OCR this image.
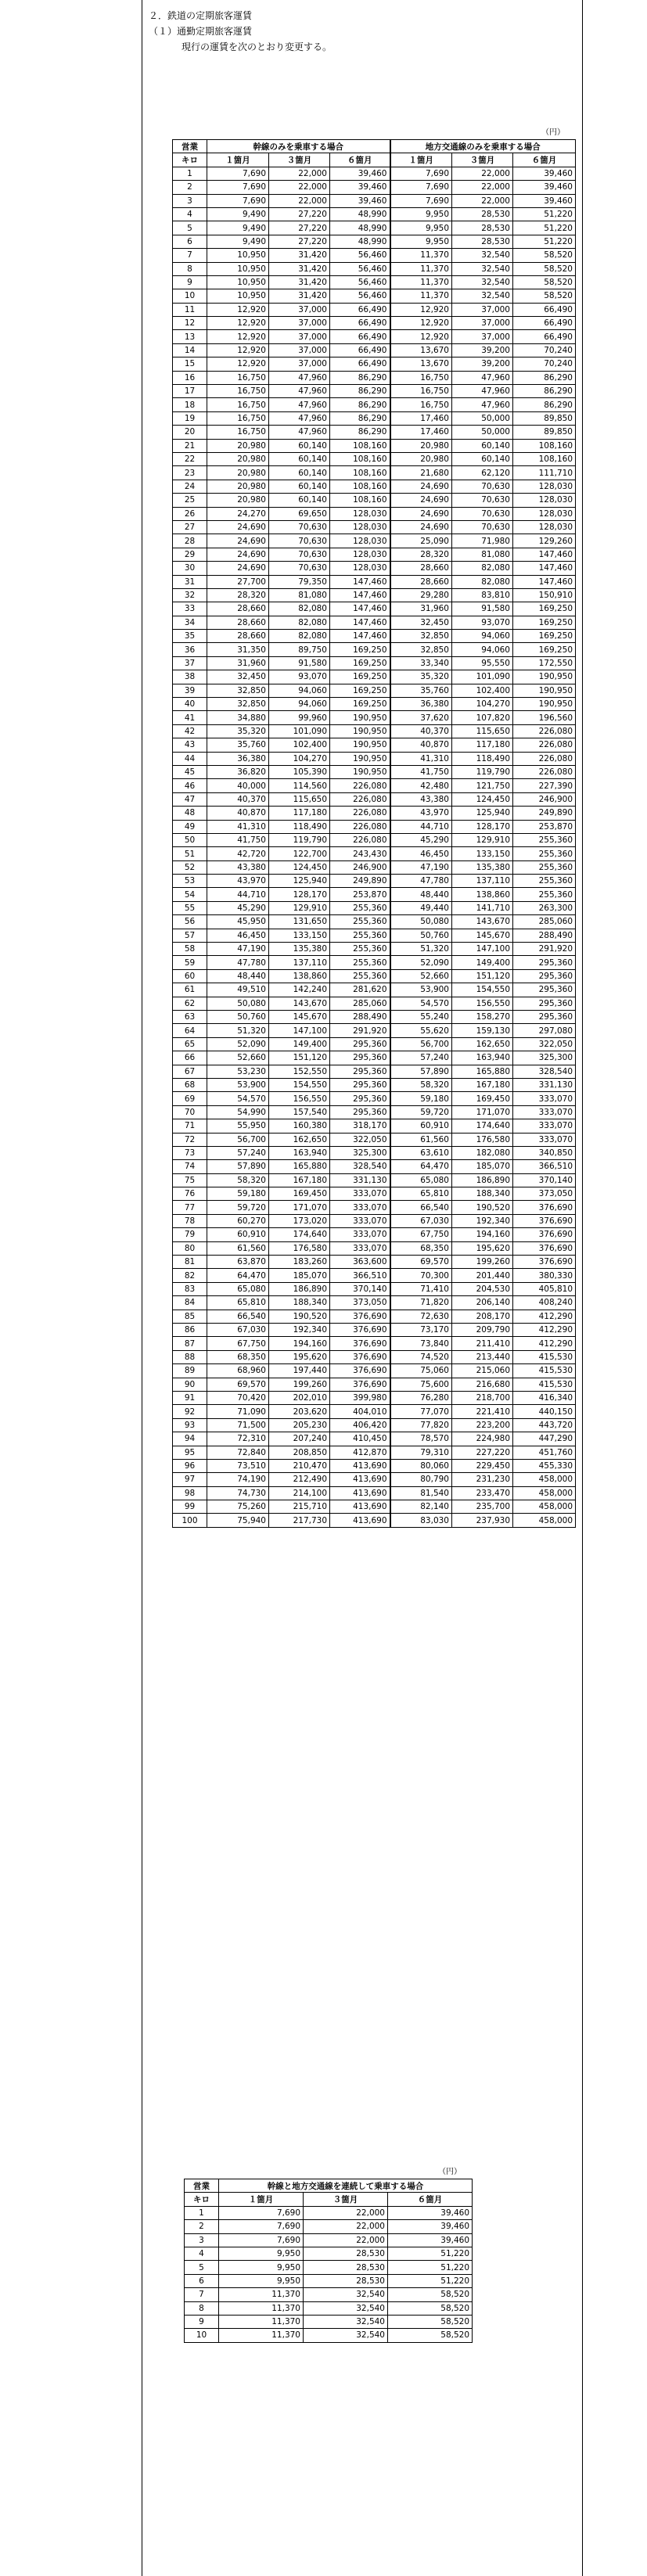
２．鉄道の定期旅客運賃
（１）通勤定期旅客運賃
現行の運賃を次のとおり変更する。
（円）
営業	幹線のみを乗車する場合			地方交通線のみを乗車する場合		
キロ	１箇月	３箇月	６箇月	１箇月	３箇月	６箇月
1	7,690	22,000	39,460	7,690	22,000	39,460
2	7,690	22,000	39,460	7,690	22,000	39,460
3	7,690	22,000	39,460	7,690	22,000	39,460
4	9,490	27,220	48,990	9,950	28,530	51,220
5	9,490	27,220	48,990	9,950	28,530	51,220
6	9,490	27,220	48,990	9,950	28,530	51,220
7	10,950	31,420	56,460	11,370	32,540	58,520
8	10,950	31,420	56,460	11,370	32,540	58,520
9	10,950	31,420	56,460	11,370	32,540	58,520
10	10,950	31,420	56,460	11,370	32,540	58,520
11	12,920	37,000	66,490	12,920	37,000	66,490
12	12,920	37,000	66,490	12,920	37,000	66,490
13	12,920	37,000	66,490	12,920	37,000	66,490
14	12,920	37,000	66,490	13,670	39,200	70,240
15	12,920	37,000	66,490	13,670	39,200	70,240
16	16,750	47,960	86,290	16,750	47,960	86,290
17	16,750	47,960	86,290	16,750	47,960	86,290
18	16,750	47,960	86,290	16,750	47,960	86,290
19	16,750	47,960	86,290	17,460	50,000	89,850
20	16,750	47,960	86,290	17,460	50,000	89,850
21	20,980	60,140	108,160	20,980	60,140	108,160
22	20,980	60,140	108,160	20,980	60,140	108,160
23	20,980	60,140	108,160	21,680	62,120	111,710
24	20,980	60,140	108,160	24,690	70,630	128,030
25	20,980	60,140	108,160	24,690	70,630	128,030
26	24,270	69,650	128,030	24,690	70,630	128,030
27	24,690	70,630	128,030	24,690	70,630	128,030
28	24,690	70,630	128,030	25,090	71,980	129,260
29	24,690	70,630	128,030	28,320	81,080	147,460
30	24,690	70,630	128,030	28,660	82,080	147,460
31	27,700	79,350	147,460	28,660	82,080	147,460
32	28,320	81,080	147,460	29,280	83,810	150,910
33	28,660	82,080	147,460	31,960	91,580	169,250
34	28,660	82,080	147,460	32,450	93,070	169,250
35	28,660	82,080	147,460	32,850	94,060	169,250
36	31,350	89,750	169,250	32,850	94,060	169,250
37	31,960	91,580	169,250	33,340	95,550	172,550
38	32,450	93,070	169,250	35,320	101,090	190,950
39	32,850	94,060	169,250	35,760	102,400	190,950
40	32,850	94,060	169,250	36,380	104,270	190,950
41	34,880	99,960	190,950	37,620	107,820	196,560
42	35,320	101,090	190,950	40,370	115,650	226,080
43	35,760	102,400	190,950	40,870	117,180	226,080
44	36,380	104,270	190,950	41,310	118,490	226,080
45	36,820	105,390	190,950	41,750	119,790	226,080
46	40,000	114,560	226,080	42,480	121,750	227,390
47	40,370	115,650	226,080	43,380	124,450	246,900
48	40,870	117,180	226,080	43,970	125,940	249,890
49	41,310	118,490	226,080	44,710	128,170	253,870
50	41,750	119,790	226,080	45,290	129,910	255,360
51	42,720	122,700	243,430	46,450	133,150	255,360
52	43,380	124,450	246,900	47,190	135,380	255,360
53	43,970	125,940	249,890	47,780	137,110	255,360
54	44,710	128,170	253,870	48,440	138,860	255,360
55	45,290	129,910	255,360	49,440	141,710	263,300
56	45,950	131,650	255,360	50,080	143,670	285,060
57	46,450	133,150	255,360	50,760	145,670	288,490
58	47,190	135,380	255,360	51,320	147,100	291,920
59	47,780	137,110	255,360	52,090	149,400	295,360
60	48,440	138,860	255,360	52,660	151,120	295,360
61	49,510	142,240	281,620	53,900	154,550	295,360
62	50,080	143,670	285,060	54,570	156,550	295,360
63	50,760	145,670	288,490	55,240	158,270	295,360
64	51,320	147,100	291,920	55,620	159,130	297,080
65	52,090	149,400	295,360	56,700	162,650	322,050
66	52,660	151,120	295,360	57,240	163,940	325,300
67	53,230	152,550	295,360	57,890	165,880	328,540
68	53,900	154,550	295,360	58,320	167,180	331,130
69	54,570	156,550	295,360	59,180	169,450	333,070
70	54,990	157,540	295,360	59,720	171,070	333,070
71	55,950	160,380	318,170	60,910	174,640	333,070
72	56,700	162,650	322,050	61,560	176,580	333,070
73	57,240	163,940	325,300	63,610	182,080	340,850
74	57,890	165,880	328,540	64,470	185,070	366,510
75	58,320	167,180	331,130	65,080	186,890	370,140
76	59,180	169,450	333,070	65,810	188,340	373,050
77	59,720	171,070	333,070	66,540	190,520	376,690
78	60,270	173,020	333,070	67,030	192,340	376,690
79	60,910	174,640	333,070	67,750	194,160	376,690
80	61,560	176,580	333,070	68,350	195,620	376,690
81	63,870	183,260	363,600	69,570	199,260	376,690
82	64,470	185,070	366,510	70,300	201,440	380,330
83	65,080	186,890	370,140	71,410	204,530	405,810
84	65,810	188,340	373,050	71,820	206,140	408,240
85	66,540	190,520	376,690	72,630	208,170	412,290
86	67,030	192,340	376,690	73,170	209,790	412,290
87	67,750	194,160	376,690	73,840	211,410	412,290
88	68,350	195,620	376,690	74,520	213,440	415,530
89	68,960	197,440	376,690	75,060	215,060	415,530
90	69,570	199,260	376,690	75,600	216,680	415,530
91	70,420	202,010	399,980	76,280	218,700	416,340
92	71,090	203,620	404,010	77,070	221,410	440,150
93	71,500	205,230	406,420	77,820	223,200	443,720
94	72,310	207,240	410,450	78,570	224,980	447,290
95	72,840	208,850	412,870	79,310	227,220	451,760
96	73,510	210,470	413,690	80,060	229,450	455,330
97	74,190	212,490	413,690	80,790	231,230	458,000
98	74,730	214,100	413,690	81,540	233,470	458,000
99	75,260	215,710	413,690	82,140	235,700	458,000
100	75,940	217,730	413,690	83,030	237,930	458,000
（円）
営業	幹線と地方交通線を連続して乗車する場合		
キロ	１箇月	３箇月	６箇月
1	7,690	22,000	39,460
2	7,690	22,000	39,460
3	7,690	22,000	39,460
4	9,950	28,530	51,220
5	9,950	28,530	51,220
6	9,950	28,530	51,220
7	11,370	32,540	58,520
8	11,370	32,540	58,520
9	11,370	32,540	58,520
10	11,370	32,540	58,520
